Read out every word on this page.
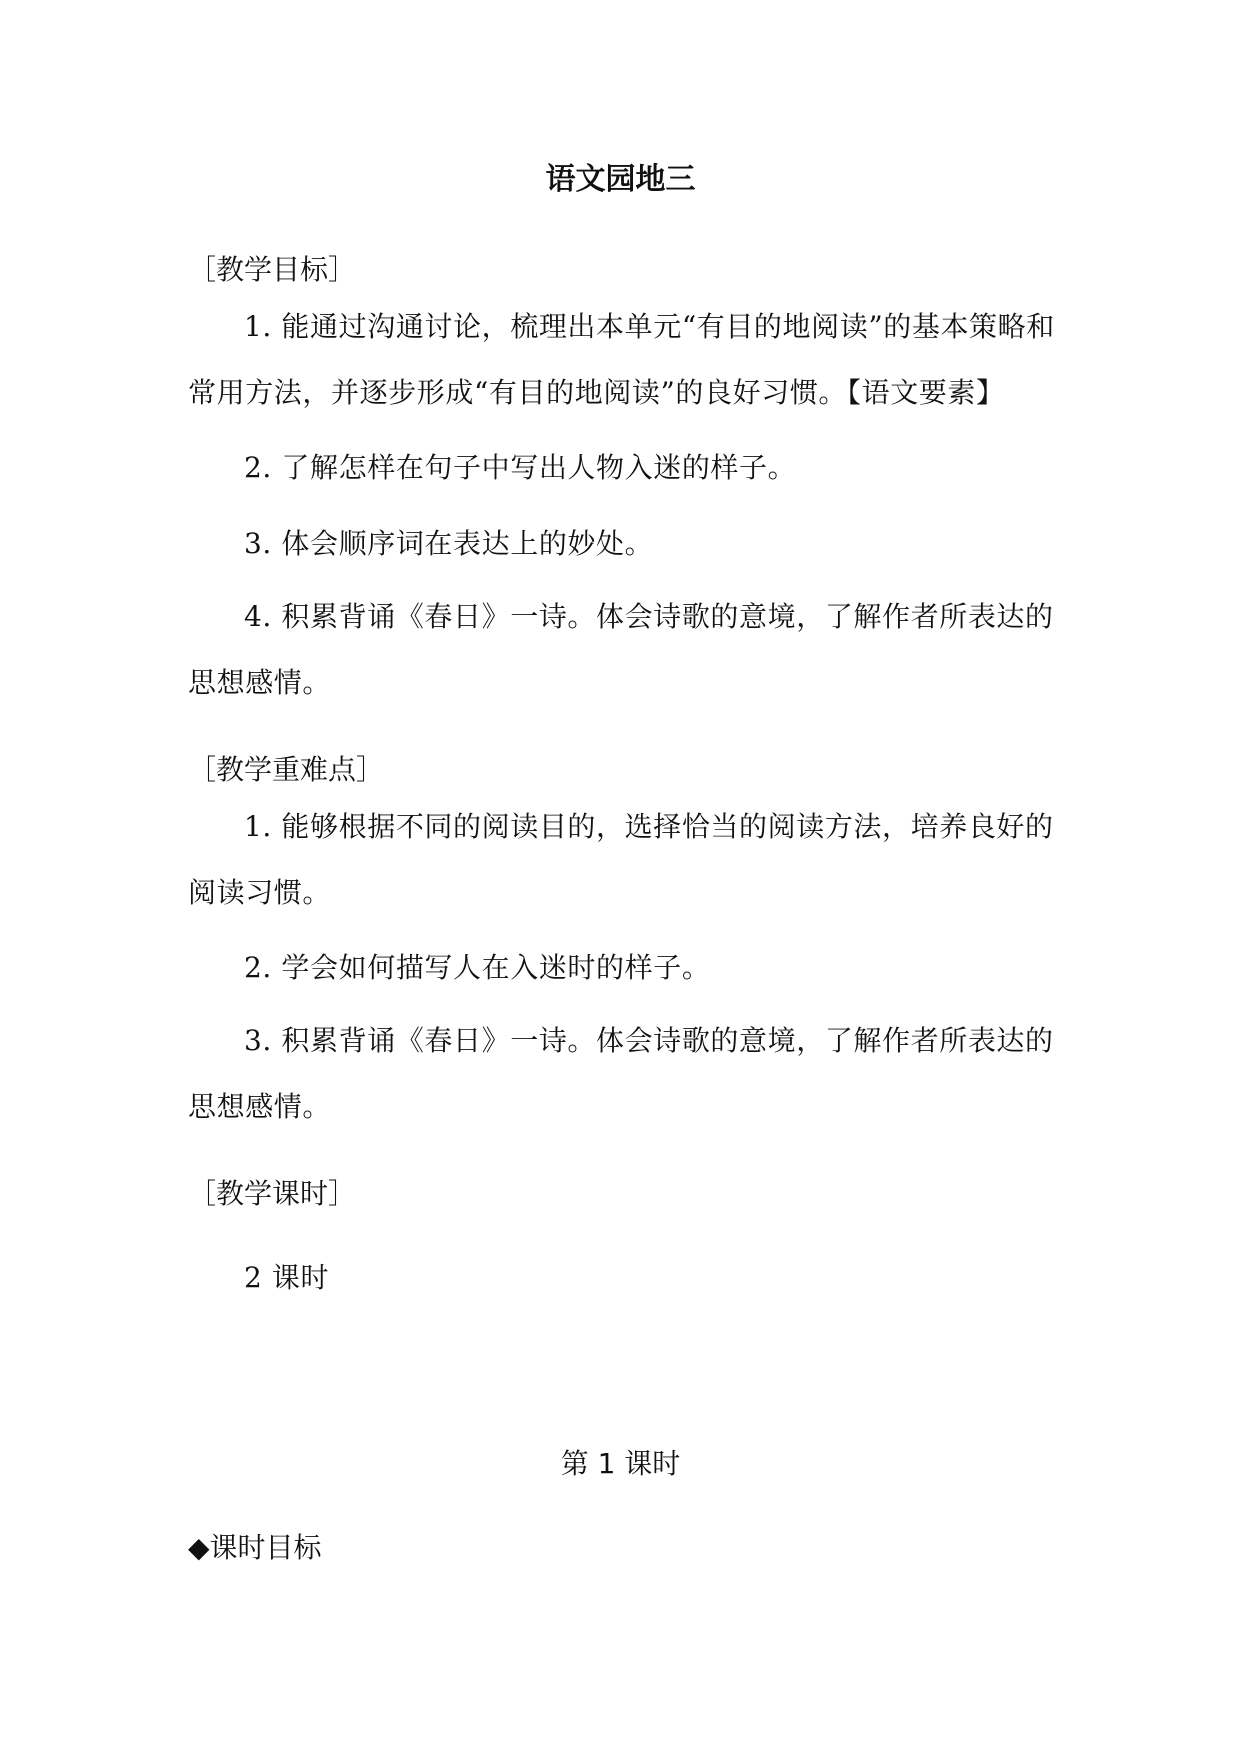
语文园地三
［教学目标］
1. 能通过沟通讨论，梳理出本单元“有目的地阅读”的基本策略和常用方法，并逐步形成“有目的地阅读”的良好习惯。【语文要素】
2. 了解怎样在句子中写出人物入迷的样子。
3. 体会顺序词在表达上的妙处。
4. 积累背诵《春日》一诗。体会诗歌的意境，了解作者所表达的思想感情。
［教学重难点］
1. 能够根据不同的阅读目的，选择恰当的阅读方法，培养良好的阅读习惯。
2. 学会如何描写人在入迷时的样子。
3. 积累背诵《春日》一诗。体会诗歌的意境，了解作者所表达的思想感情。
［教学课时］
2 课时
第 1 课时
◆课时目标
